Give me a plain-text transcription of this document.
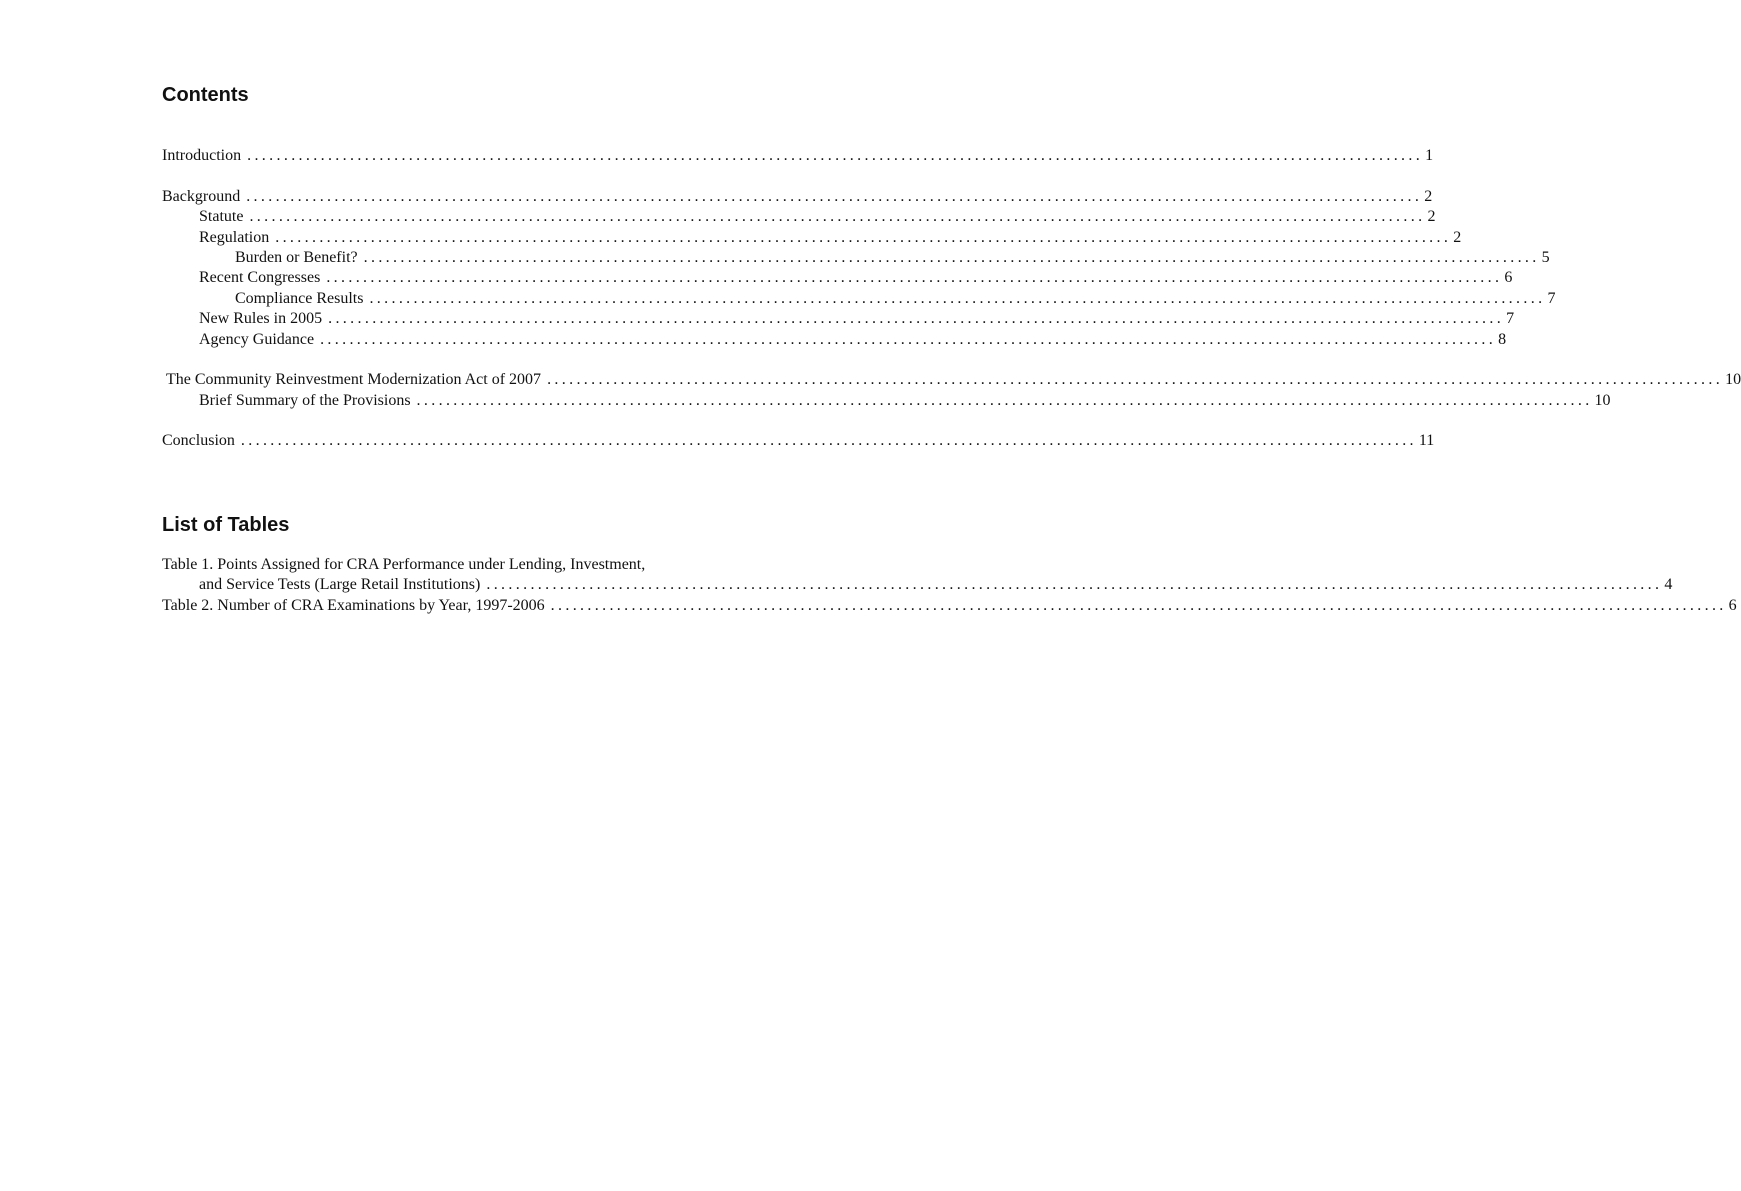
Contents
Introduction ................................................................................................................................................................ 1
Background ................................................................................................................................................................ 2
Statute ................................................................................................................................................................ 2
Regulation ................................................................................................................................................................ 2
Burden or Benefit? ................................................................................................................................................................ 5
Recent Congresses ................................................................................................................................................................ 6
Compliance Results ................................................................................................................................................................ 7
New Rules in 2005 ................................................................................................................................................................ 7
Agency Guidance ................................................................................................................................................................ 8
The Community Reinvestment Modernization Act of 2007 ................................................................................................................................................................ 10
Brief Summary of the Provisions ................................................................................................................................................................ 10
Conclusion ................................................................................................................................................................ 11
List of Tables
Table 1. Points Assigned for CRA Performance under Lending, Investment,
and Service Tests (Large Retail Institutions) ................................................................................................................................................................ 4
Table 2. Number of CRA Examinations by Year, 1997-2006 ................................................................................................................................................................ 6
